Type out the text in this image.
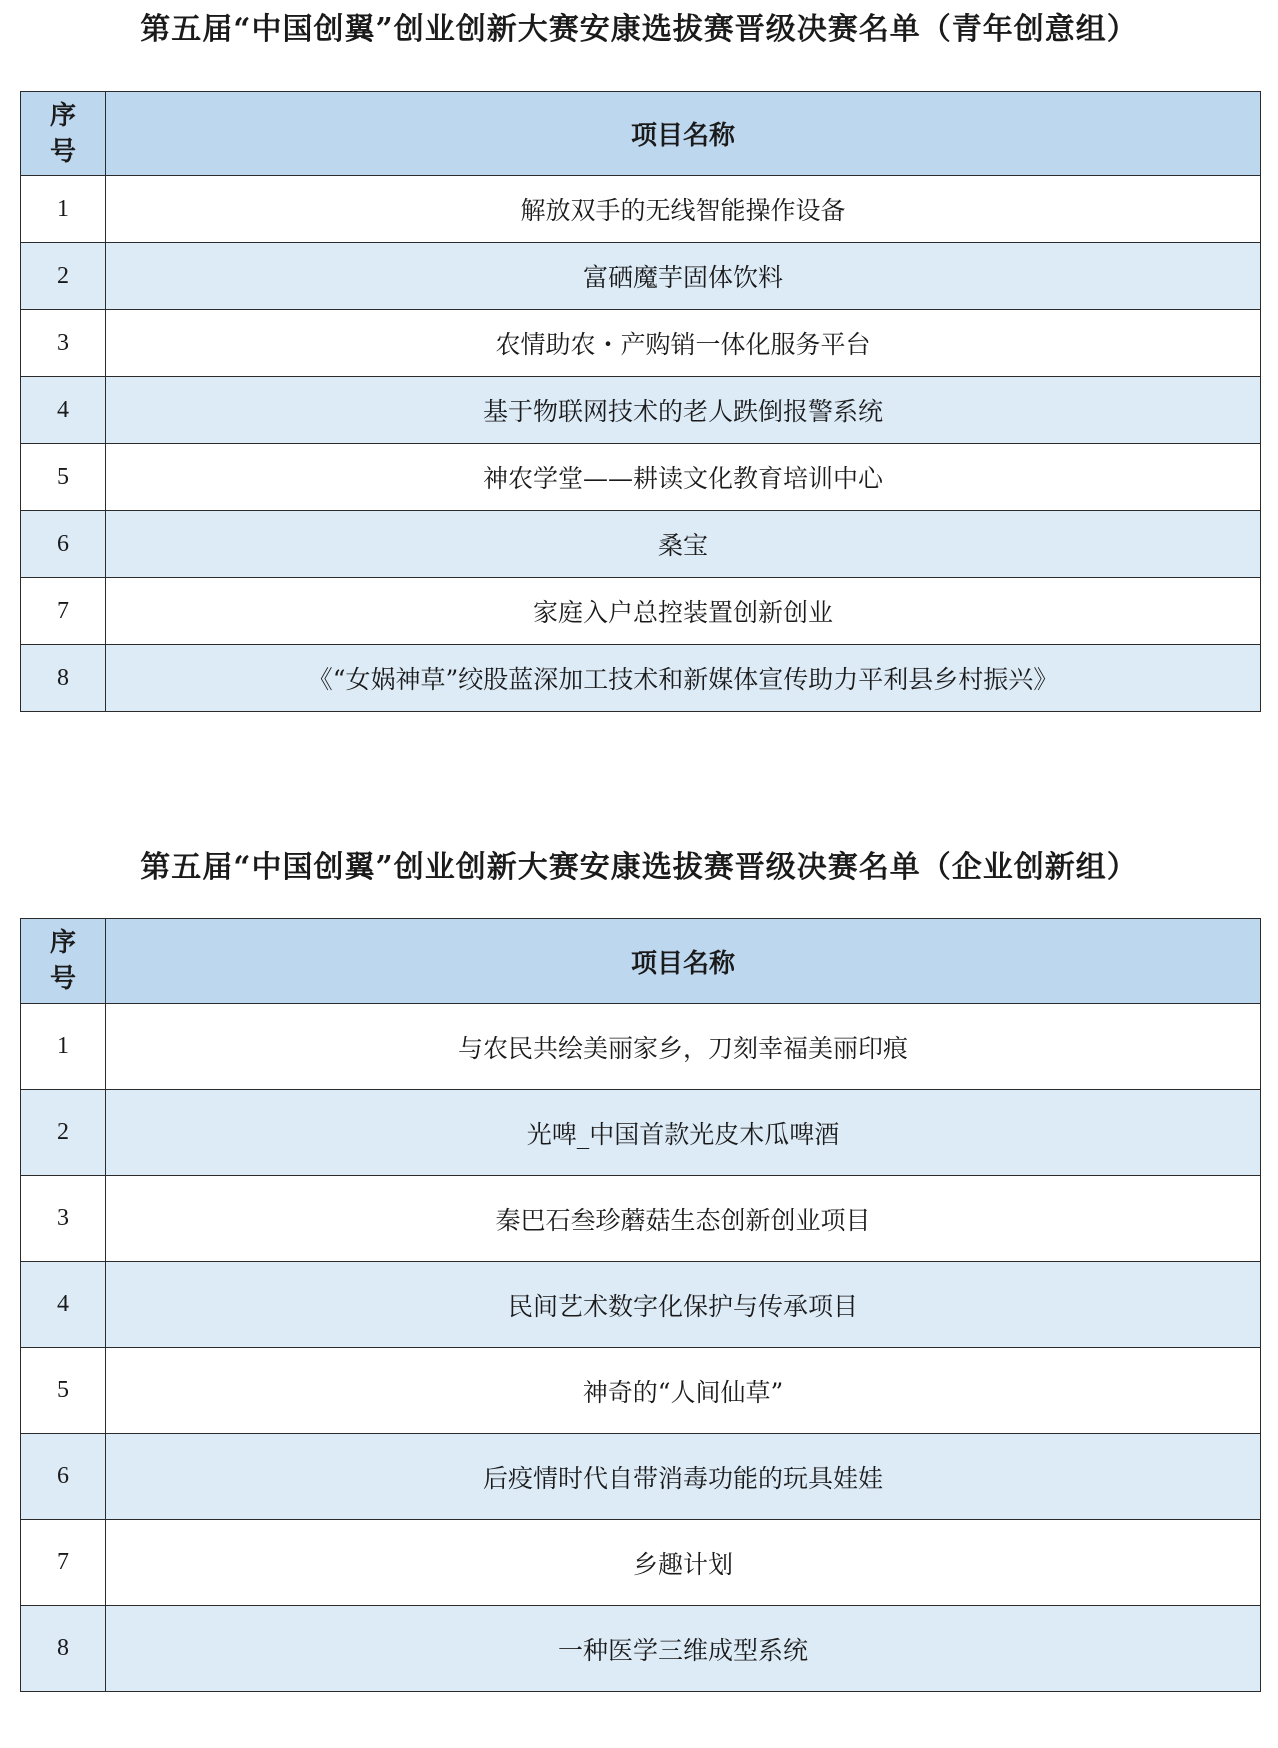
第五届“中国创翼”创业创新大赛安康选拔赛晋级决赛名单（青年创意组）
序
号	项目名称
1	解放双手的无线智能操作设备
2	富硒魔芋固体饮料
3	农情助农・产购销一体化服务平台
4	基于物联网技术的老人跌倒报警系统
5	神农学堂——耕读文化教育培训中心
6	桑宝
7	家庭入户总控装置创新创业
8	《“女娲神草”绞股蓝深加工技术和新媒体宣传助力平利县乡村振兴》
第五届“中国创翼”创业创新大赛安康选拔赛晋级决赛名单（企业创新组）
序
号	项目名称
1	与农民共绘美丽家乡，刀刻幸福美丽印痕
2	光啤_中国首款光皮木瓜啤酒
3	秦巴石叁珍蘑菇生态创新创业项目
4	民间艺术数字化保护与传承项目
5	神奇的“人间仙草”
6	后疫情时代自带消毒功能的玩具娃娃
7	乡趣计划
8	一种医学三维成型系统
